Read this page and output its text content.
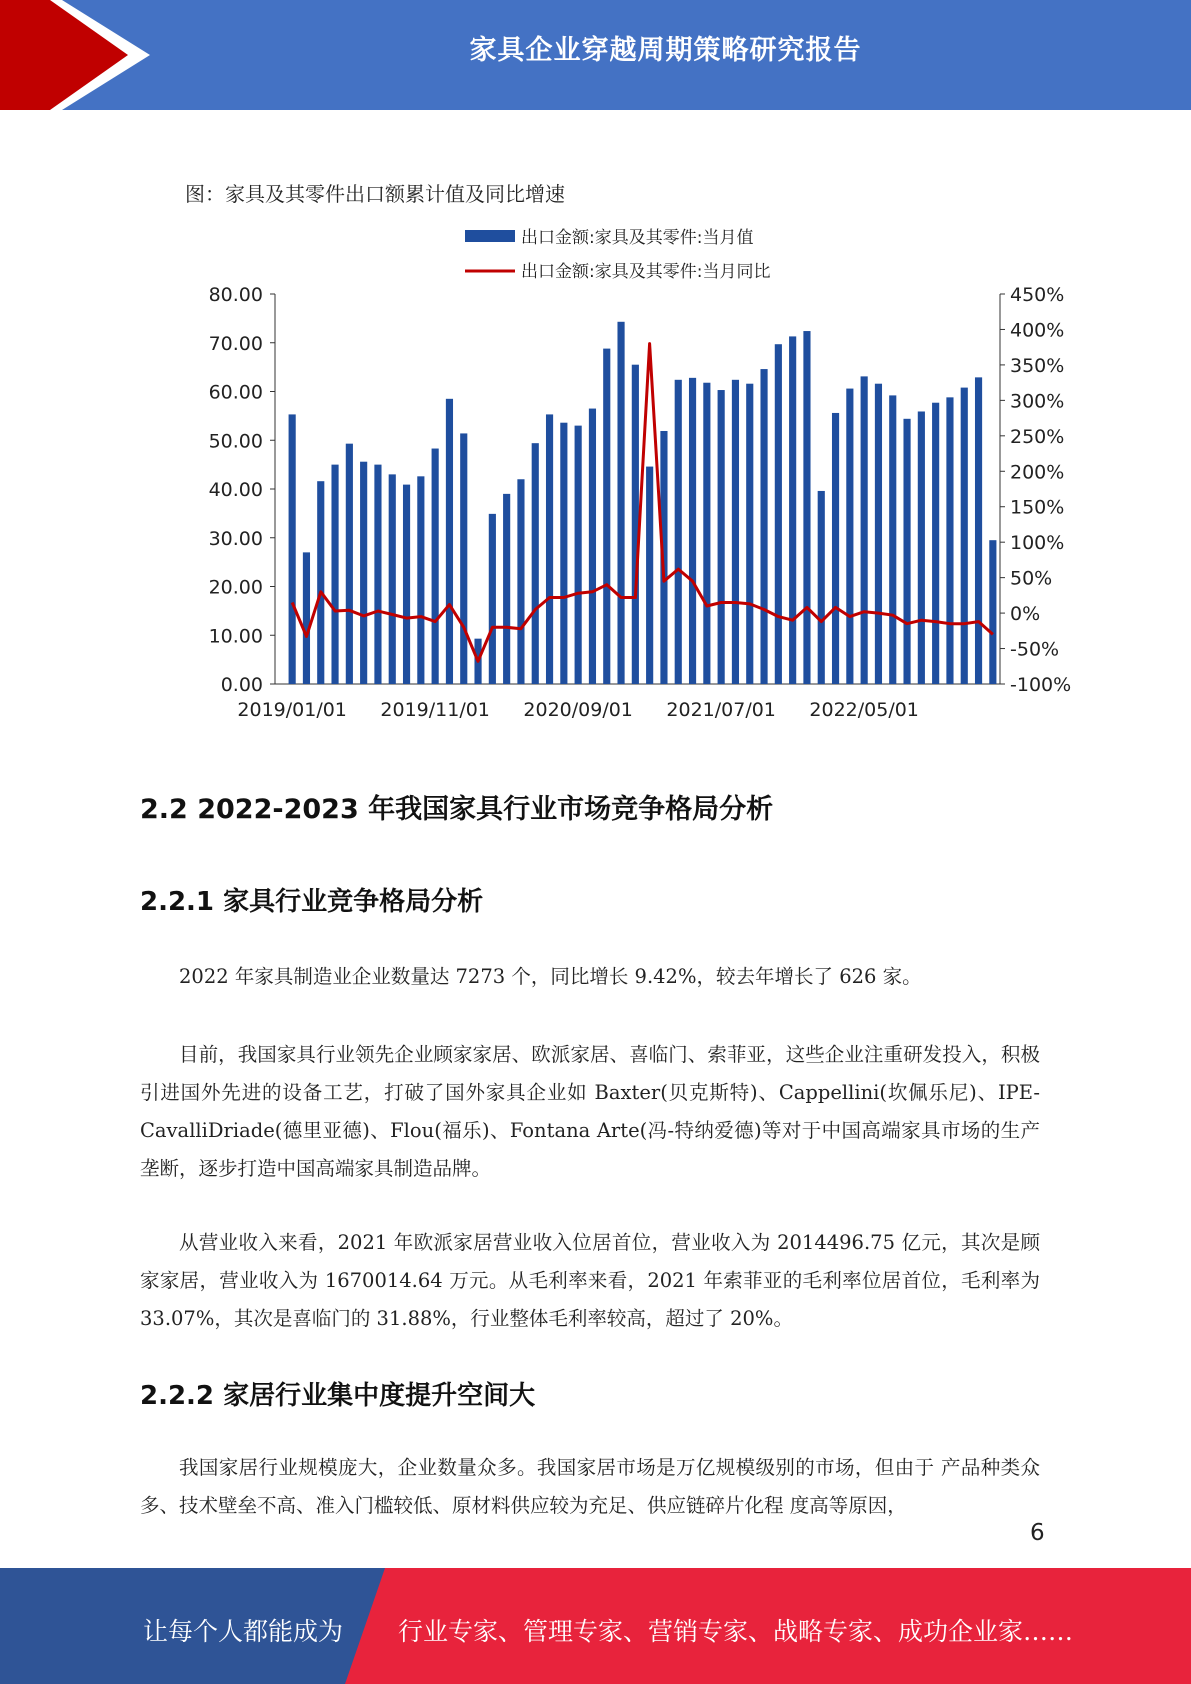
家具企业穿越周期策略研究报告
图：家具及其零件出口额累计值及同比增速
80.00
70.00
60.00
50.00
40.00
30.00
20.00
10.00
0.00
450%
400%
350%
300%
250%
200%
150%
100%
50%
0%
-50%
-100%
2019/01/01 2019/11/01 2020/09/01 2021/07/01 2022/05/01
出口金额:家具及其零件:当月值
出口金额:家具及其零件:当月同比
2.2 2022-2023 年我国家具行业市场竞争格局分析
2.2.1 家具行业竞争格局分析
2022 年家具制造业企业数量达 7273 个，同比增长 9.42%，较去年增长了 626 家。
目前，我国家具行业领先企业顾家家居、欧派家居、喜临门、索菲亚，这些企业注重研发投入，积极引进国外先进的设备工艺，打破了国外家具企业如 Baxter(贝克斯特)、Cappellini(坎佩乐尼)、IPE-CavalliDriade(德里亚德)、Flou(福乐)、Fontana Arte(冯-特纳爱德)等对于中国高端家具市场的生产垄断，逐步打造中国高端家具制造品牌。
从营业收入来看，2021 年欧派家居营业收入位居首位，营业收入为 2014496.75 亿元，其次是顾家家居，营业收入为 1670014.64 万元。从毛利率来看，2021 年索菲亚的毛利率位居首位，毛利率为 33.07%，其次是喜临门的 31.88%，行业整体毛利率较高，超过了 20%。
2.2.2 家居行业集中度提升空间大
我国家居行业规模庞大，企业数量众多。我国家居市场是万亿规模级别的市场，但由于 产品种类众多、技术壁垒不高、准入门槛较低、原材料供应较为充足、供应链碎片化程 度高等原因，
6
让每个人都能成为 行业专家、管理专家、营销专家、战略专家、成功企业家……
